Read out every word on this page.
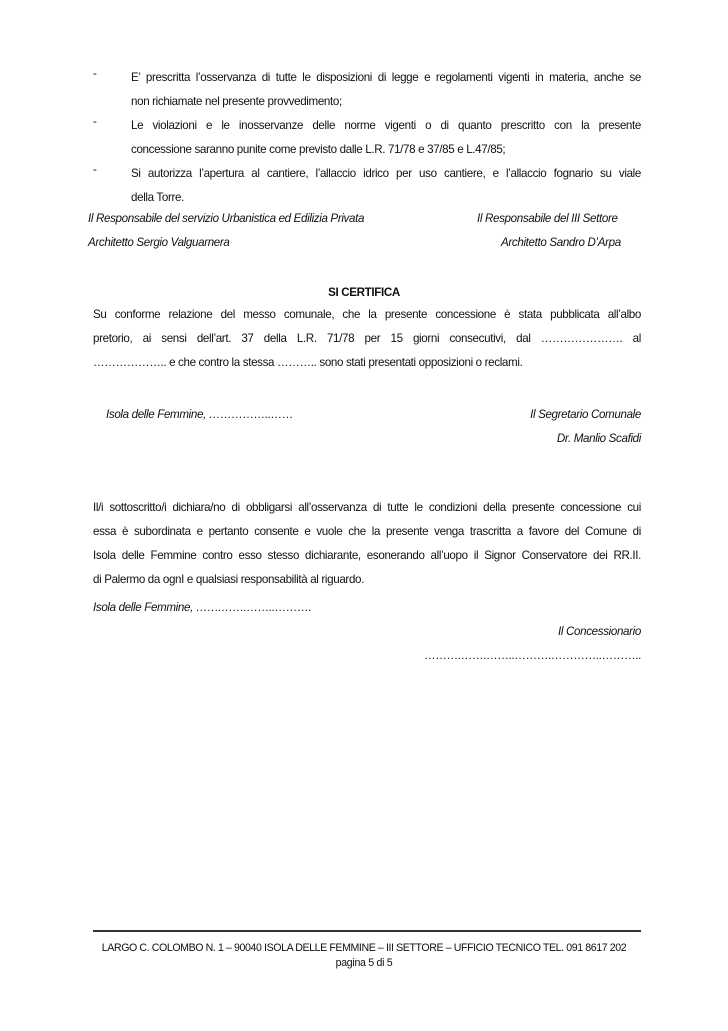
-	E’ prescritta l’osservanza di tutte le disposizioni di legge e regolamenti vigenti in materia, anche se

non richiamate nel presente provvedimento;

-	Le violazioni e le inosservanze delle norme vigenti o di quanto prescritto con la presente

concessione saranno punite come previsto dalle L.R. 71/78 e 37/85 e L.47/85;

-	Si autorizza l’apertura al cantiere, l’allaccio idrico per uso cantiere, e l’allaccio fognario su viale

della Torre.

Il Responsabile del servizio Urbanistica ed Edilizia Privata	Il Responsabile del III Settore
Architetto Sergio Valguarnera	Architetto Sandro D’Arpa
SI CERTIFICA
Su conforme relazione del messo comunale, che la presente concessione è stata pubblicata all’albo
pretorio, ai sensi dell’art. 37 della L.R. 71/78 per 15 giorni consecutivi, dal …………………. al
……………….. e che contro la stessa ……….. sono stati presentati opposizioni o reclami.
Isola delle Femmine, ……………..……	Il Segretario Comunale
Dr. Manlio Scafidi
Il/i sottoscritto/i dichiara/no di obbligarsi all’osservanza di tutte le condizioni della presente concessione cui
essa è subordinata e pertanto consente e vuole che la presente venga trascritta a favore del Comune di
Isola delle Femmine contro esso stesso dichiarante, esonerando all’uopo il Signor Conservatore dei RR.II.
di Palermo da ognI e qualsiasi responsabilità al riguardo.
Isola delle Femmine, …….…….……..……….
Il Concessionario
……….…….……..……….…………..………..
LARGO C. COLOMBO N. 1 – 90040 ISOLA DELLE FEMMINE – III SETTORE – UFFICIO TECNICO TEL. 091 8617 202
pagina 5 di 5
